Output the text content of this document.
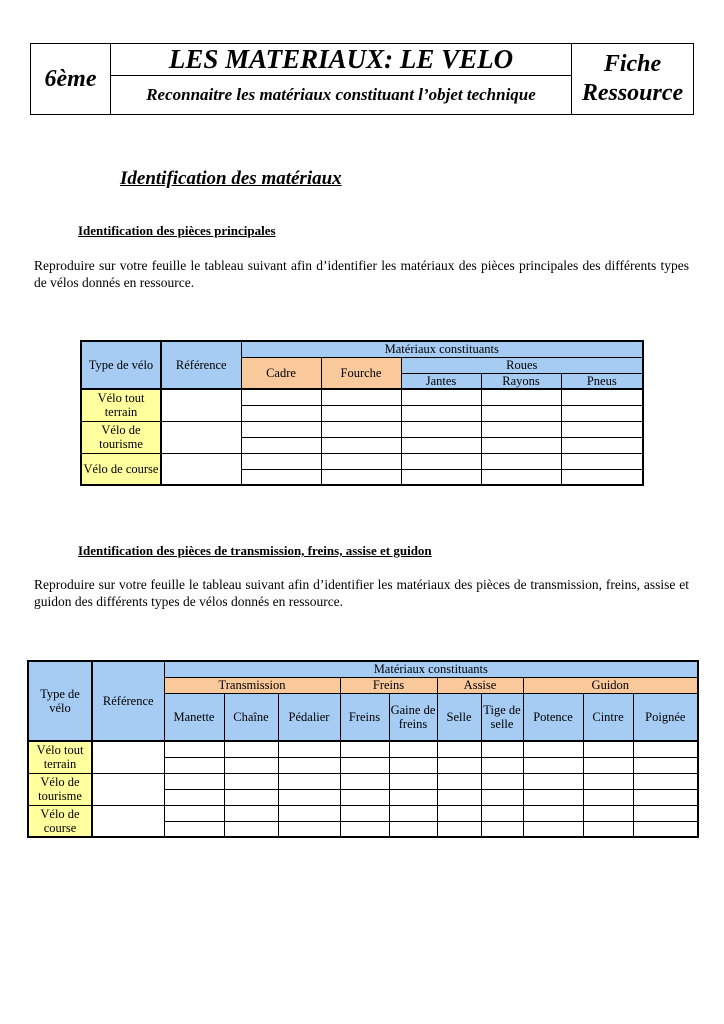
6ème	LES MATERIAUX: LE VELO	Fiche
Ressource

Reconnaitre les matériaux constituant l’objet technique
Identification des matériaux
Identification des pièces principales

Reproduire sur votre feuille le tableau suivant afin d’identifier les matériaux des pièces principales des différents types de vélos donnés en ressource.

Type de vélo	Référence	Matériaux constituants				
		Cadre	Fourche	Roues		
				Jantes	Rayons	Pneus
Vélo tout terrain						

Vélo de tourisme						

Vélo de course						

Identification des pièces de transmission, freins, assise et guidon

Reproduire sur votre feuille le tableau suivant afin d’identifier les matériaux des pièces de transmission, freins, assise et guidon des différents types de vélos donnés en ressource.

Type de vélo	Référence	Matériaux constituants									
		Transmission			Freins		Assise		Guidon		
		Manette	Chaîne	Pédalier	Freins	Gaine de freins	Selle	Tige de selle	Potence	Cintre	Poignée
Vélo tout terrain											

Vélo de tourisme											

Vélo de course											
